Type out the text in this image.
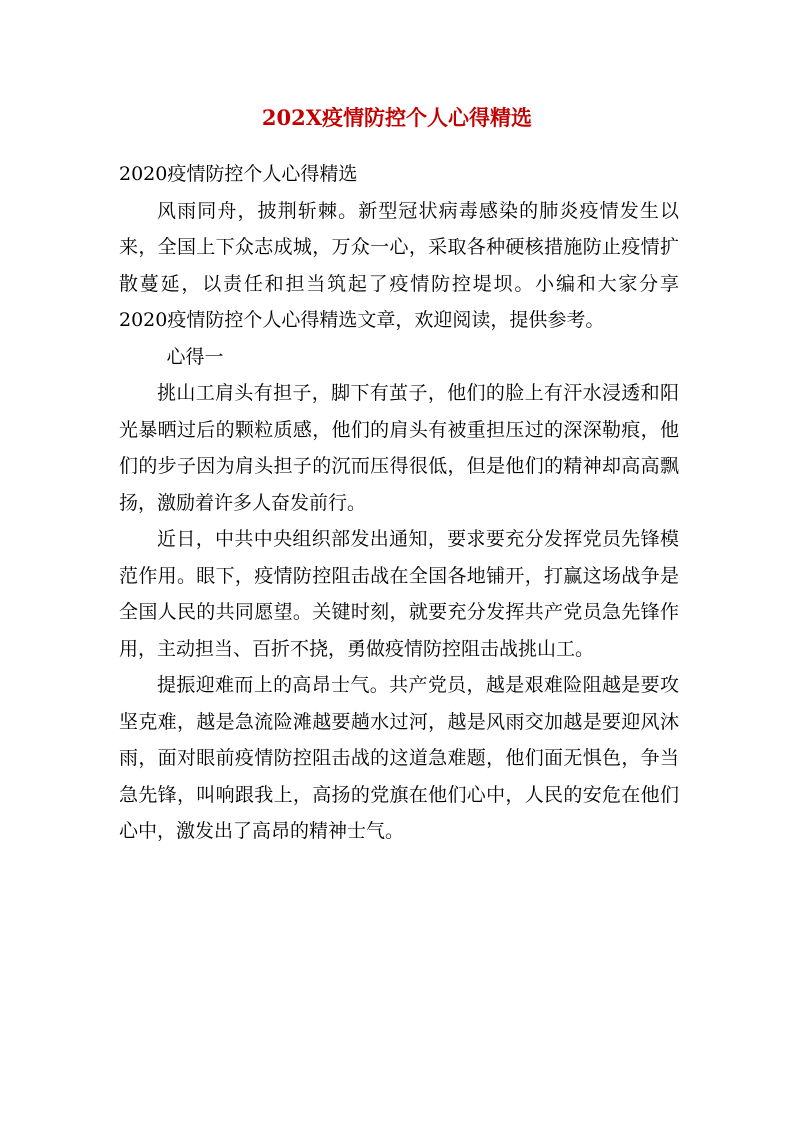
202X疫情防控个人心得精选

2020疫情防控个人心得精选

风雨同舟，披荆斩棘。新型冠状病毒感染的肺炎疫情发生以来，全国上下众志成城，万众一心，采取各种硬核措施防止疫情扩散蔓延，以责任和担当筑起了疫情防控堤坝。小编和大家分享2020疫情防控个人心得精选文章，欢迎阅读，提供参考。

心得一

挑山工肩头有担子，脚下有茧子，他们的脸上有汗水浸透和阳光暴晒过后的颗粒质感，他们的肩头有被重担压过的深深勒痕，他们的步子因为肩头担子的沉而压得很低，但是他们的精神却高高飘扬，激励着许多人奋发前行。

近日，中共中央组织部发出通知，要求要充分发挥党员先锋模范作用。眼下，疫情防控阻击战在全国各地铺开，打赢这场战争是全国人民的共同愿望。关键时刻，就要充分发挥共产党员急先锋作用，主动担当、百折不挠，勇做疫情防控阻击战挑山工。

提振迎难而上的高昂士气。共产党员，越是艰难险阻越是要攻坚克难，越是急流险滩越要趟水过河，越是风雨交加越是要迎风沐雨，面对眼前疫情防控阻击战的这道急难题，他们面无惧色，争当急先锋，叫响跟我上，高扬的党旗在他们心中，人民的安危在他们心中，激发出了高昂的精神士气。
